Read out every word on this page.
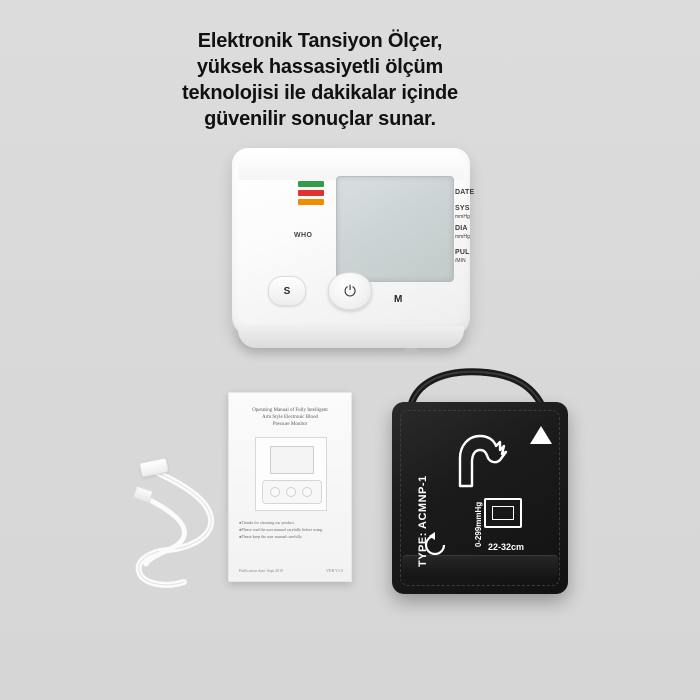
Elektronik Tansiyon Ölçer,
yüksek hassasiyetli ölçüm
teknolojisi ile dakikalar içinde
güvenilir sonuçlar sunar.
WHO
DATE
SYS
mmHg
DIA
mmHg
PUL
/MIN
S	⏻	M
Operating Manual of Fully Intelligent
Arm Style Electronic Blood
Pressure Monitor
●Thanks for choosing our product.
●Please read the user manual carefully before using.
●Please keep the user manual carefully.
Publication date: Sept 2019	VER V1.0
TYPE: ACMNP-1	0-299mmHg 22-32cm
